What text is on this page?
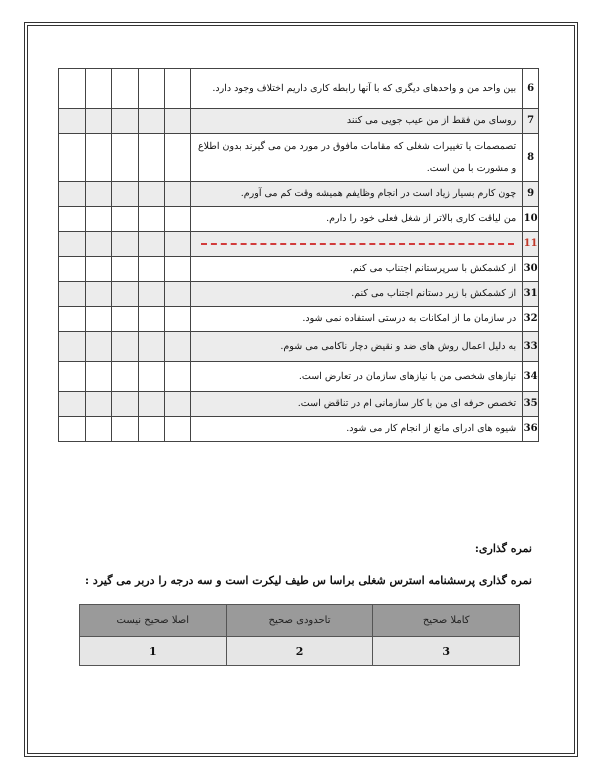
6	بین واحد من و واحدهای دیگری که با آنها رابطه کاری داریم اختلاف وجود دارد.					
7	روسای من فقط از من عیب جویی می کنند					
8	تصمصمات یا تغییرات شغلی که مقامات مافوق در مورد من می گیرند بدون اطلاع و مشورت با من است.					
9	چون کارم بسیار زیاد است در انجام وظایفم همیشه وقت کم می آورم.					
10	من لیاقت کاری بالاتر از شغل فعلی خود را دارم.					
11	

30	از کشمکش با سرپرستانم اجتناب می کنم.					
31	از کشمکش با زیر دستانم اجتناب می کنم.					
32	در سازمان ما از امکانات به درستی استفاده نمی شود.					
33	به دلیل اعمال روش های ضد و نقیض دچار ناکامی می شوم.					
34	نیازهای شخصی من با نیازهای سازمان در تعارض است.					
35	تخصص حرفه ای من با کار سازمانی ام در تناقض است.					
36	شیوه های ادرای مانع از انجام کار می شود.					
نمره گذاری:
نمره گذاری پرسشنامه استرس شغلی براسا س طیف لیکرت است و سه درجه را دربر می گیرد :
کاملا صحیح	تاحدودی صحیح	اصلا صحیح نیست
3	2	1
